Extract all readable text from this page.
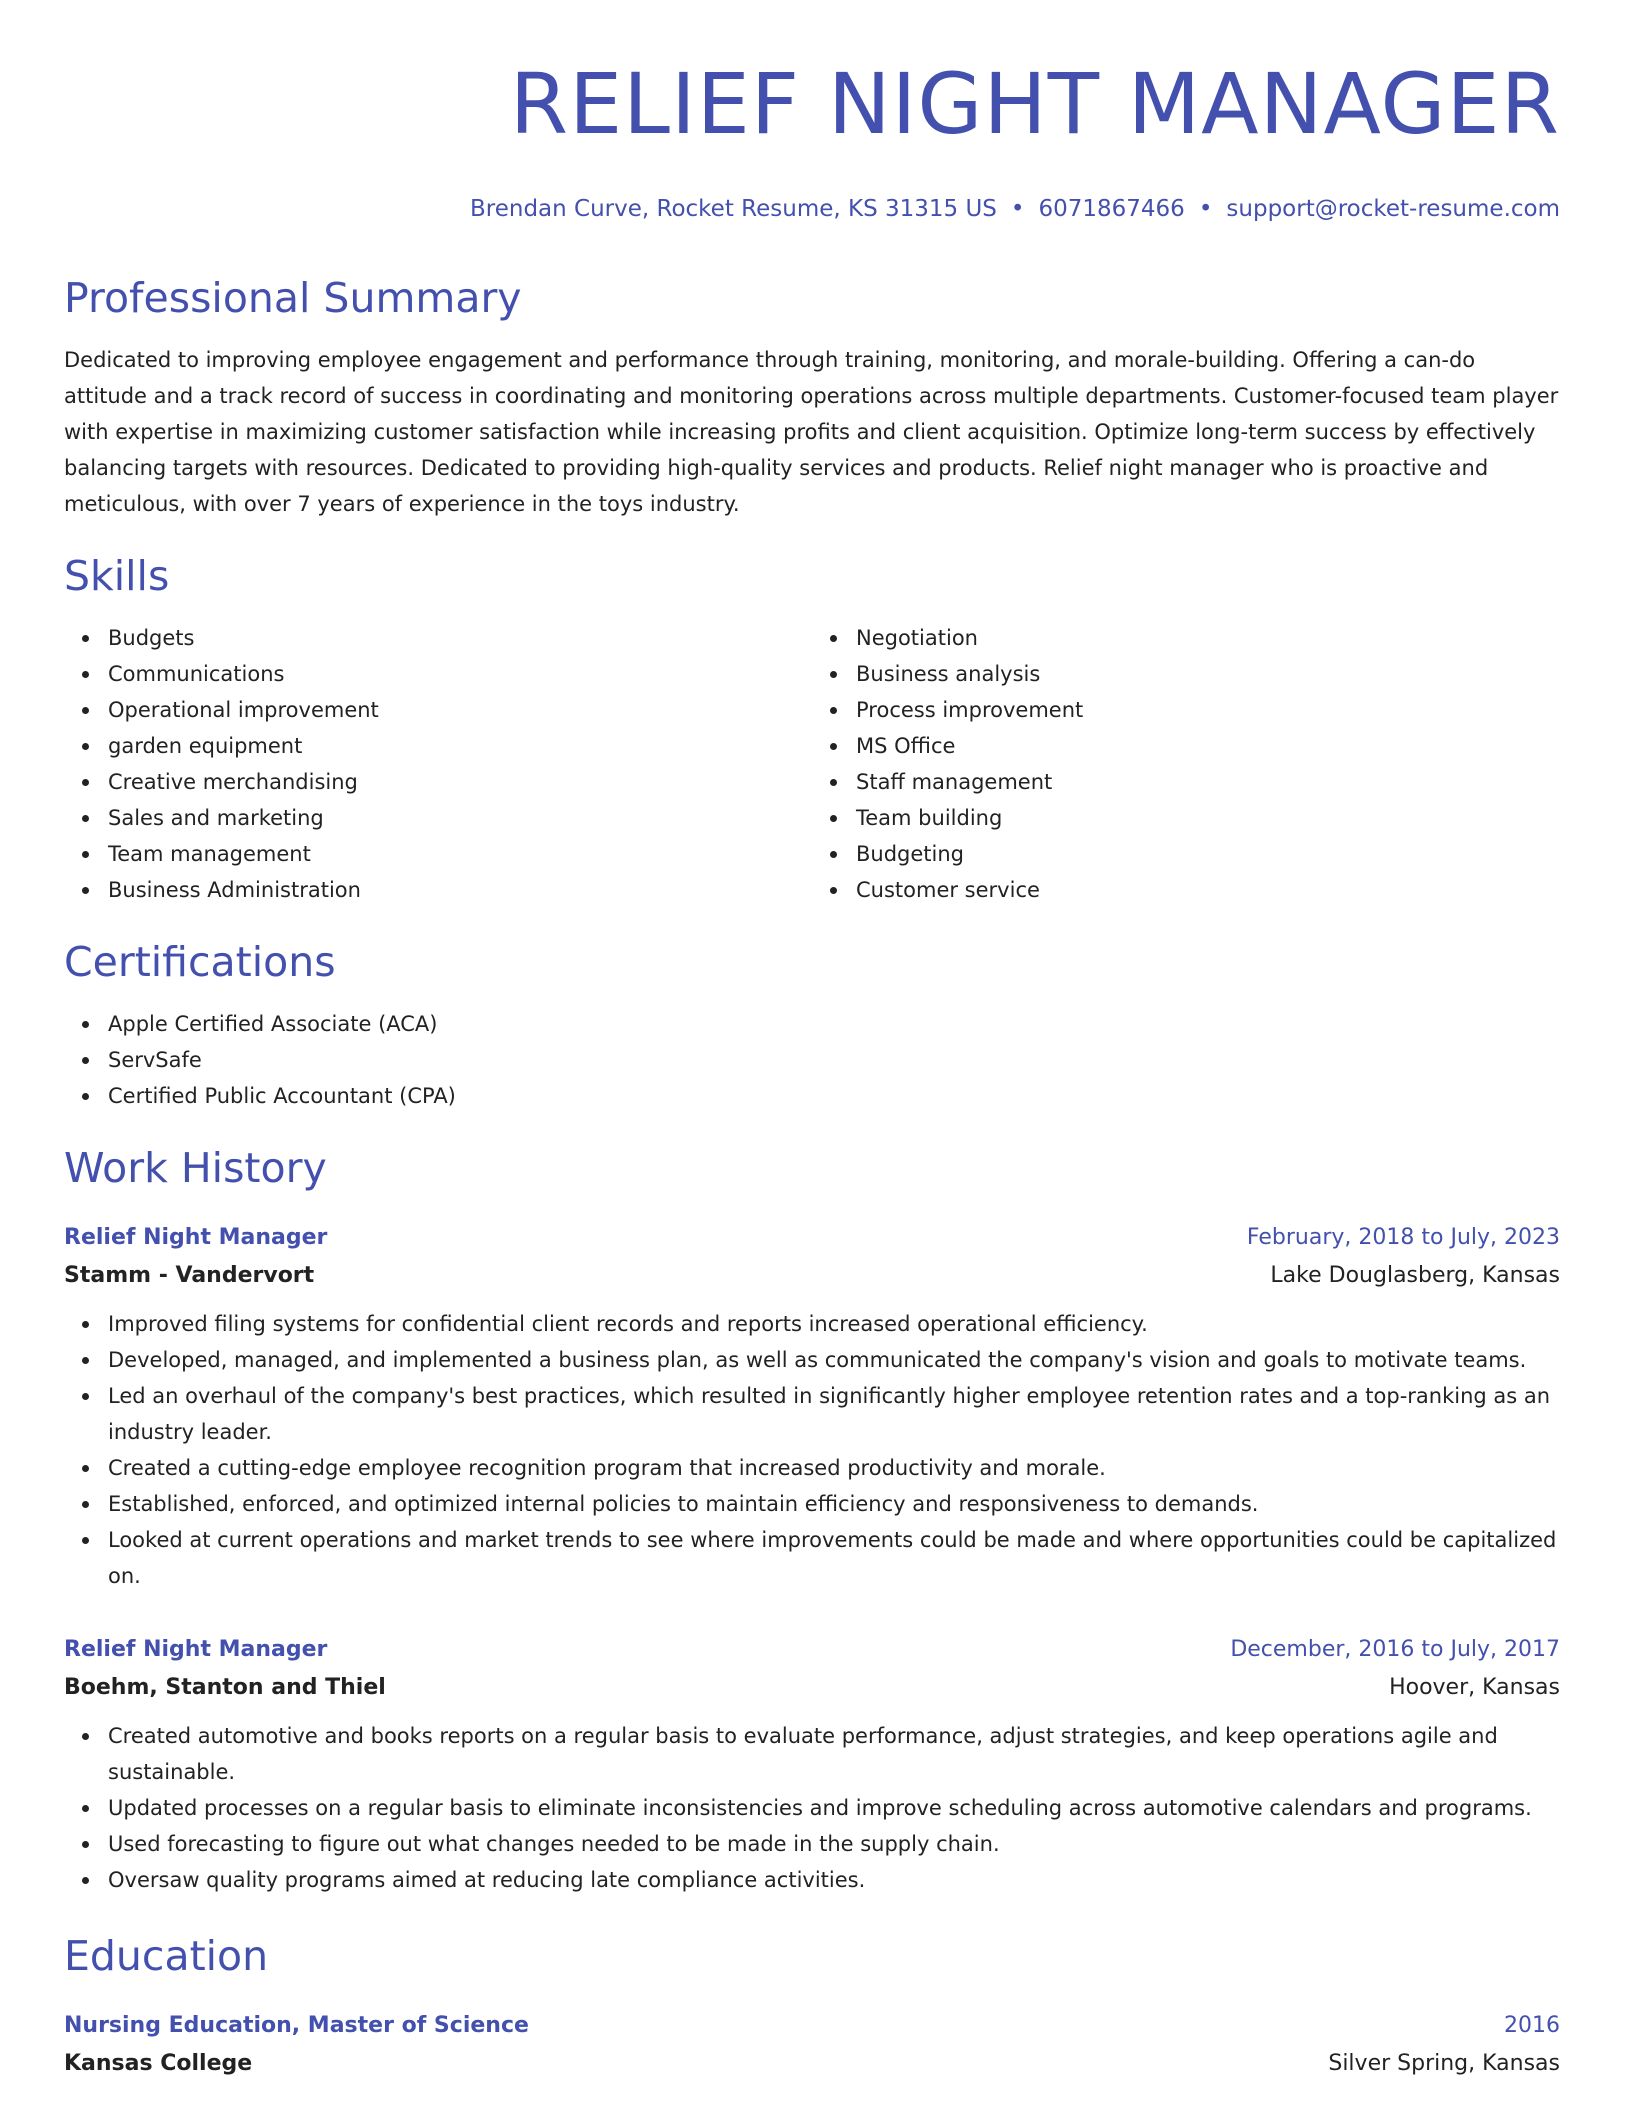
RELIEF NIGHT MANAGER
Brendan Curve, Rocket Resume, KS 31315 US • 6071867466 • support@rocket-resume.com
Professional Summary
Dedicated to improving employee engagement and performance through training, monitoring, and morale-building. Offering a can-do attitude and a track record of success in coordinating and monitoring operations across multiple departments. Customer-focused team player with expertise in maximizing customer satisfaction while increasing profits and client acquisition. Optimize long-term success by effectively balancing targets with resources. Dedicated to providing high-quality services and products. Relief night manager who is proactive and meticulous, with over 7 years of experience in the toys industry.
Skills
Budgets
Communications
Operational improvement
garden equipment
Creative merchandising
Sales and marketing
Team management
Business Administration
Negotiation
Business analysis
Process improvement
MS Office
Staff management
Team building
Budgeting
Customer service
Certifications
Apple Certified Associate (ACA)
ServSafe
Certified Public Accountant (CPA)
Work History
Relief Night Manager	February, 2018 to July, 2023
Stamm - Vandervort	Lake Douglasberg, Kansas
Improved filing systems for confidential client records and reports increased operational efficiency.
Developed, managed, and implemented a business plan, as well as communicated the company's vision and goals to motivate teams.
Led an overhaul of the company's best practices, which resulted in significantly higher employee retention rates and a top-ranking as an industry leader.
Created a cutting-edge employee recognition program that increased productivity and morale.
Established, enforced, and optimized internal policies to maintain efficiency and responsiveness to demands.
Looked at current operations and market trends to see where improvements could be made and where opportunities could be capitalized on.
Relief Night Manager	December, 2016 to July, 2017
Boehm, Stanton and Thiel	Hoover, Kansas
Created automotive and books reports on a regular basis to evaluate performance, adjust strategies, and keep operations agile and sustainable.
Updated processes on a regular basis to eliminate inconsistencies and improve scheduling across automotive calendars and programs.
Used forecasting to figure out what changes needed to be made in the supply chain.
Oversaw quality programs aimed at reducing late compliance activities.
Education
Nursing Education, Master of Science	2016
Kansas College	Silver Spring, Kansas
